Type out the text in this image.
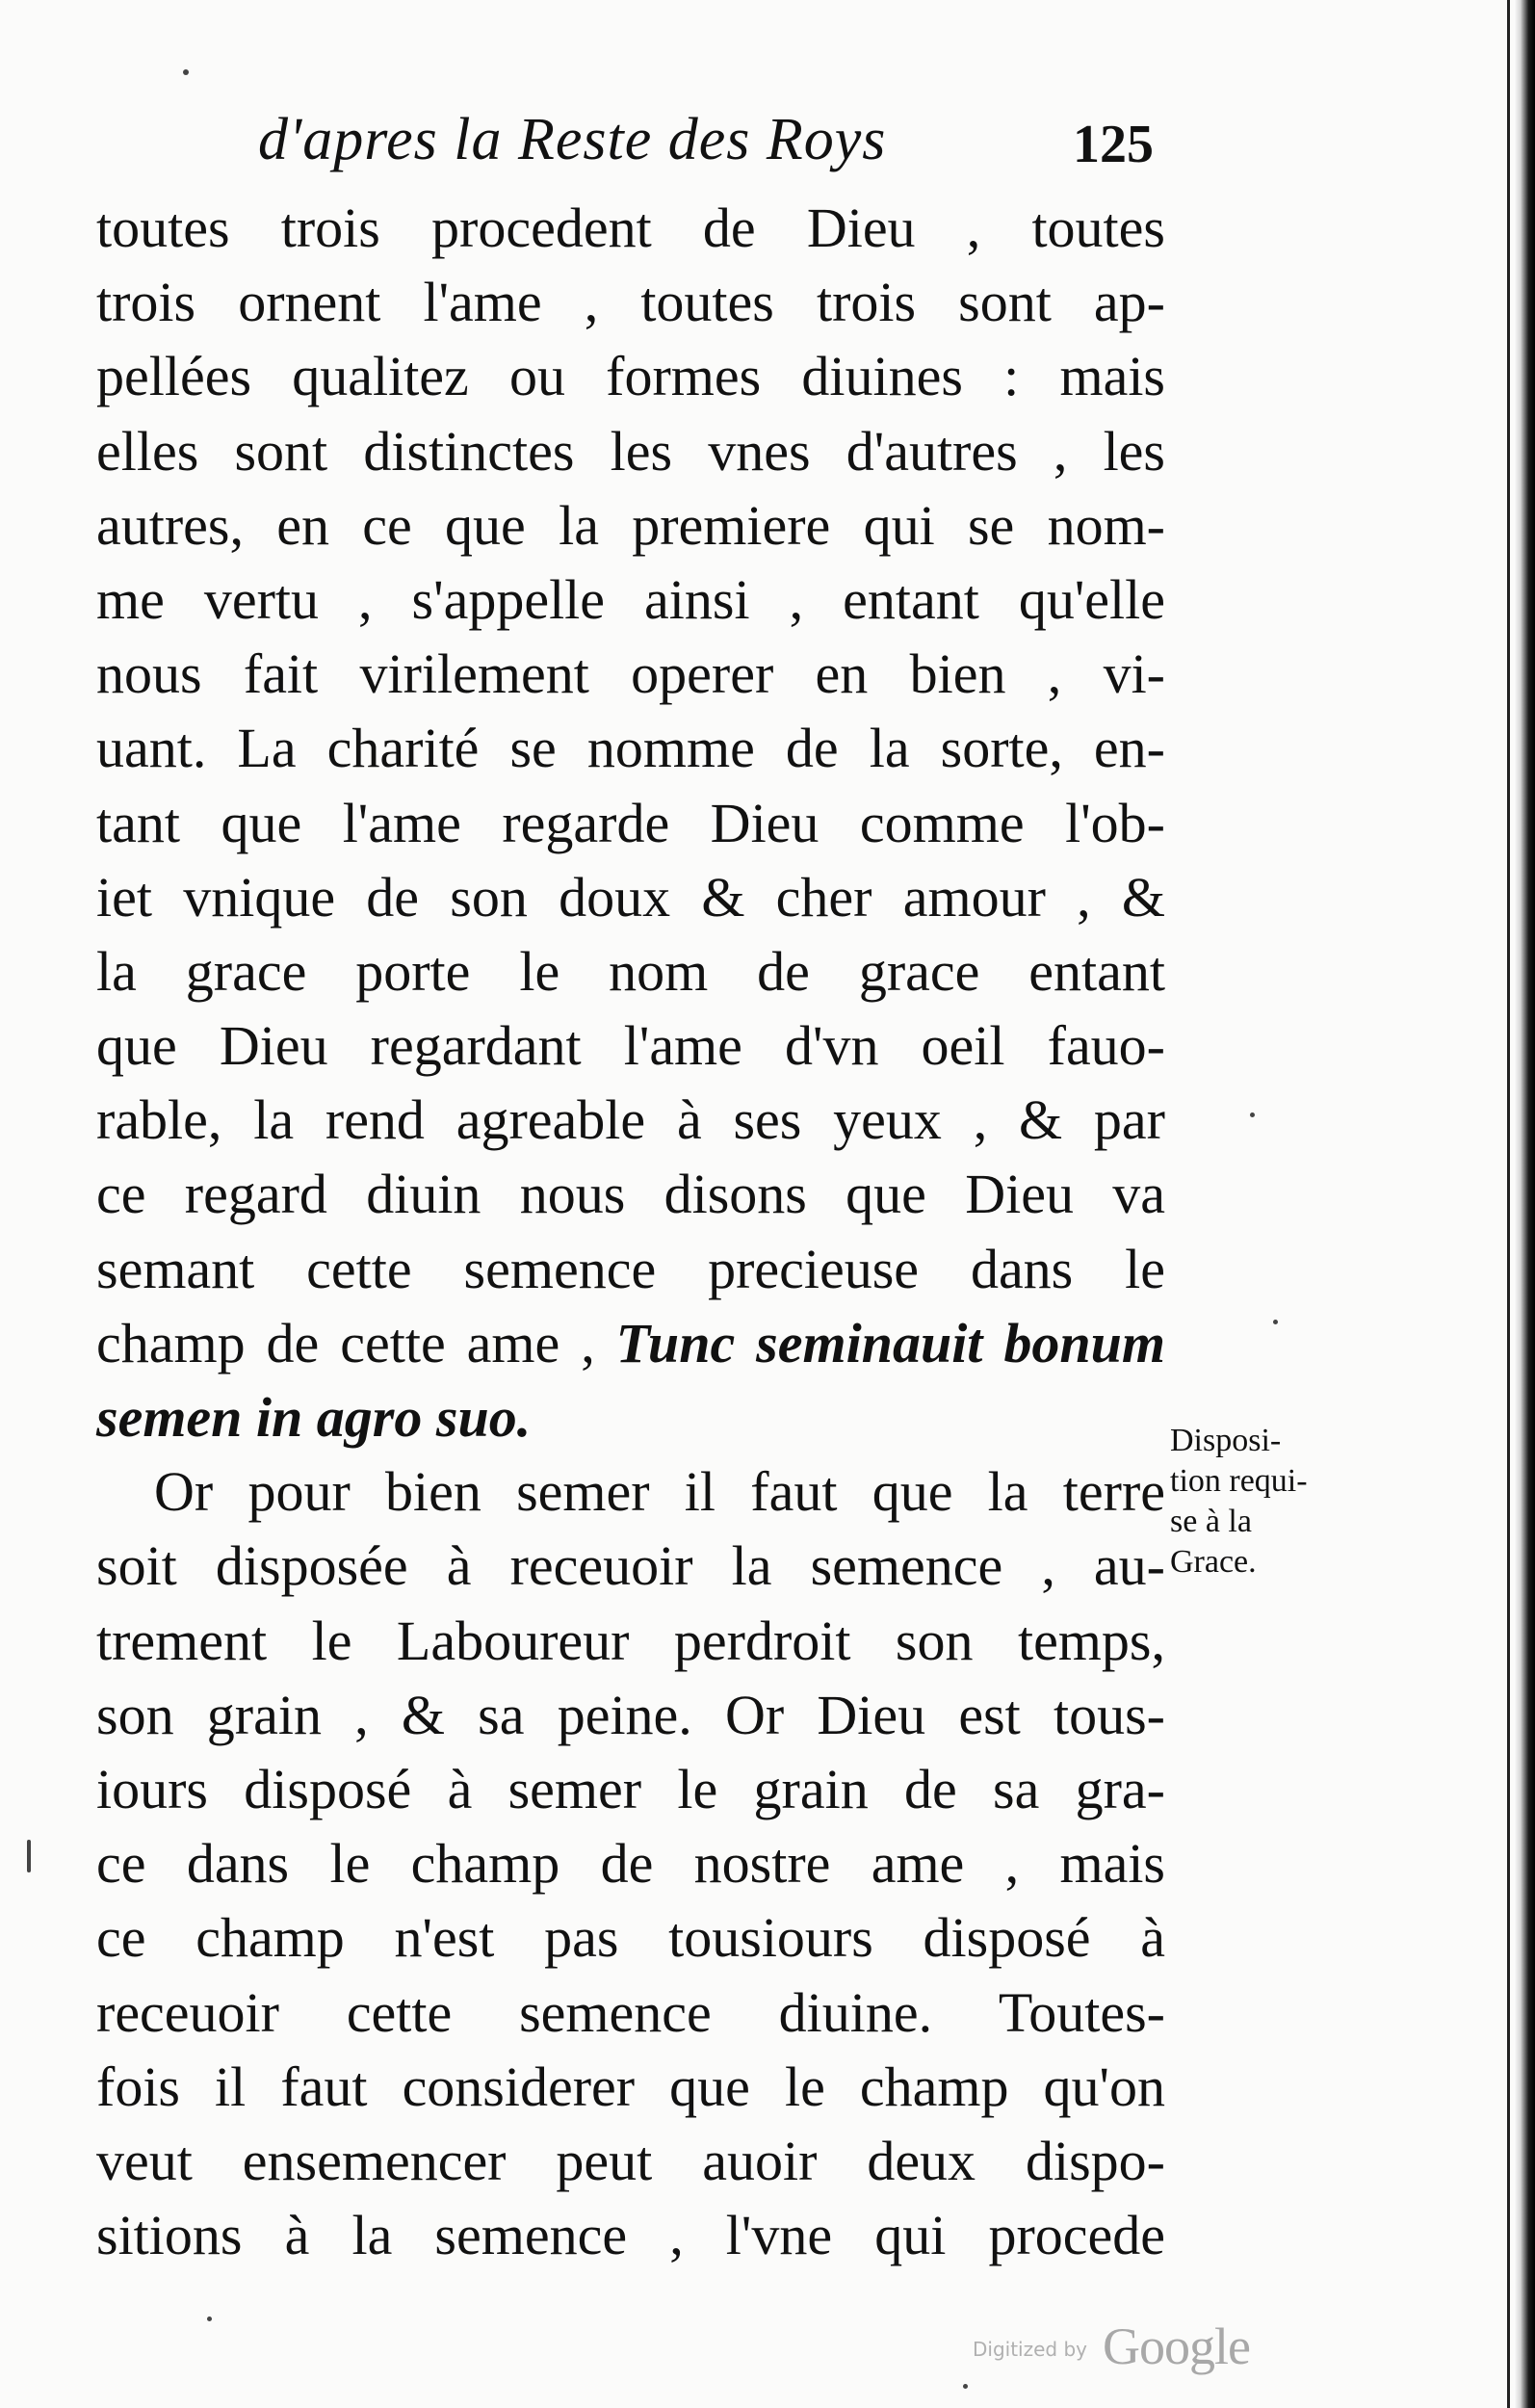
d'apres la Reste des Roys	125
toutes trois procedent de Dieu , toutes
trois ornent l'ame , toutes trois sont ap-
pellées qualitez ou formes diuines : mais
elles sont distinctes les vnes d'autres , les
autres, en ce que la premiere qui se nom-
me vertu , s'appelle ainsi , entant qu'elle
nous fait virilement operer en bien , vi-
uant. La charité se nomme de la sorte, en-
tant que l'ame regarde Dieu comme l'ob-
iet vnique de son doux & cher amour , &
la grace porte le nom de grace entant
que Dieu regardant l'ame d'vn oeil fauo-
rable, la rend agreable à ses yeux , & par
ce regard diuin nous disons que Dieu va
semant cette semence precieuse dans le
champ de cette ame , Tunc seminauit bonum
semen in agro suo.
Or pour bien semer il faut que la terre
soit disposée à receuoir la semence , au-
trement le Laboureur perdroit son temps,
son grain , & sa peine. Or Dieu est tous-
iours disposé à semer le grain de sa gra-
ce dans le champ de nostre ame , mais
ce champ n'est pas tousiours disposé à
receuoir cette semence diuine. Toutes-
fois il faut considerer que le champ qu'on
veut ensemencer peut auoir deux dispo-
sitions à la semence , l'vne qui procede
Disposi-
tion requi-
se à la
Grace.
Digitized by Google
